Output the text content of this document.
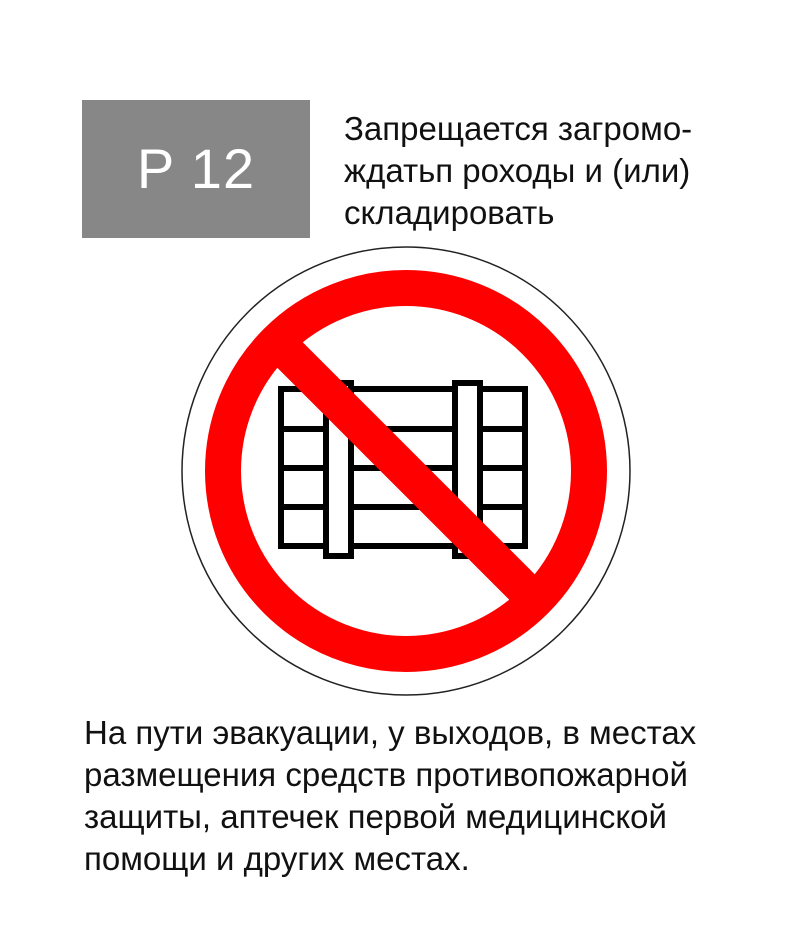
P 12
Запрещается загромо-
ждатьп роходы и (или)
складировать
На пути эвакуации, у выходов, в местах
размещения средств противопожарной
защиты, аптечек первой медицинской
помощи и других местах.
